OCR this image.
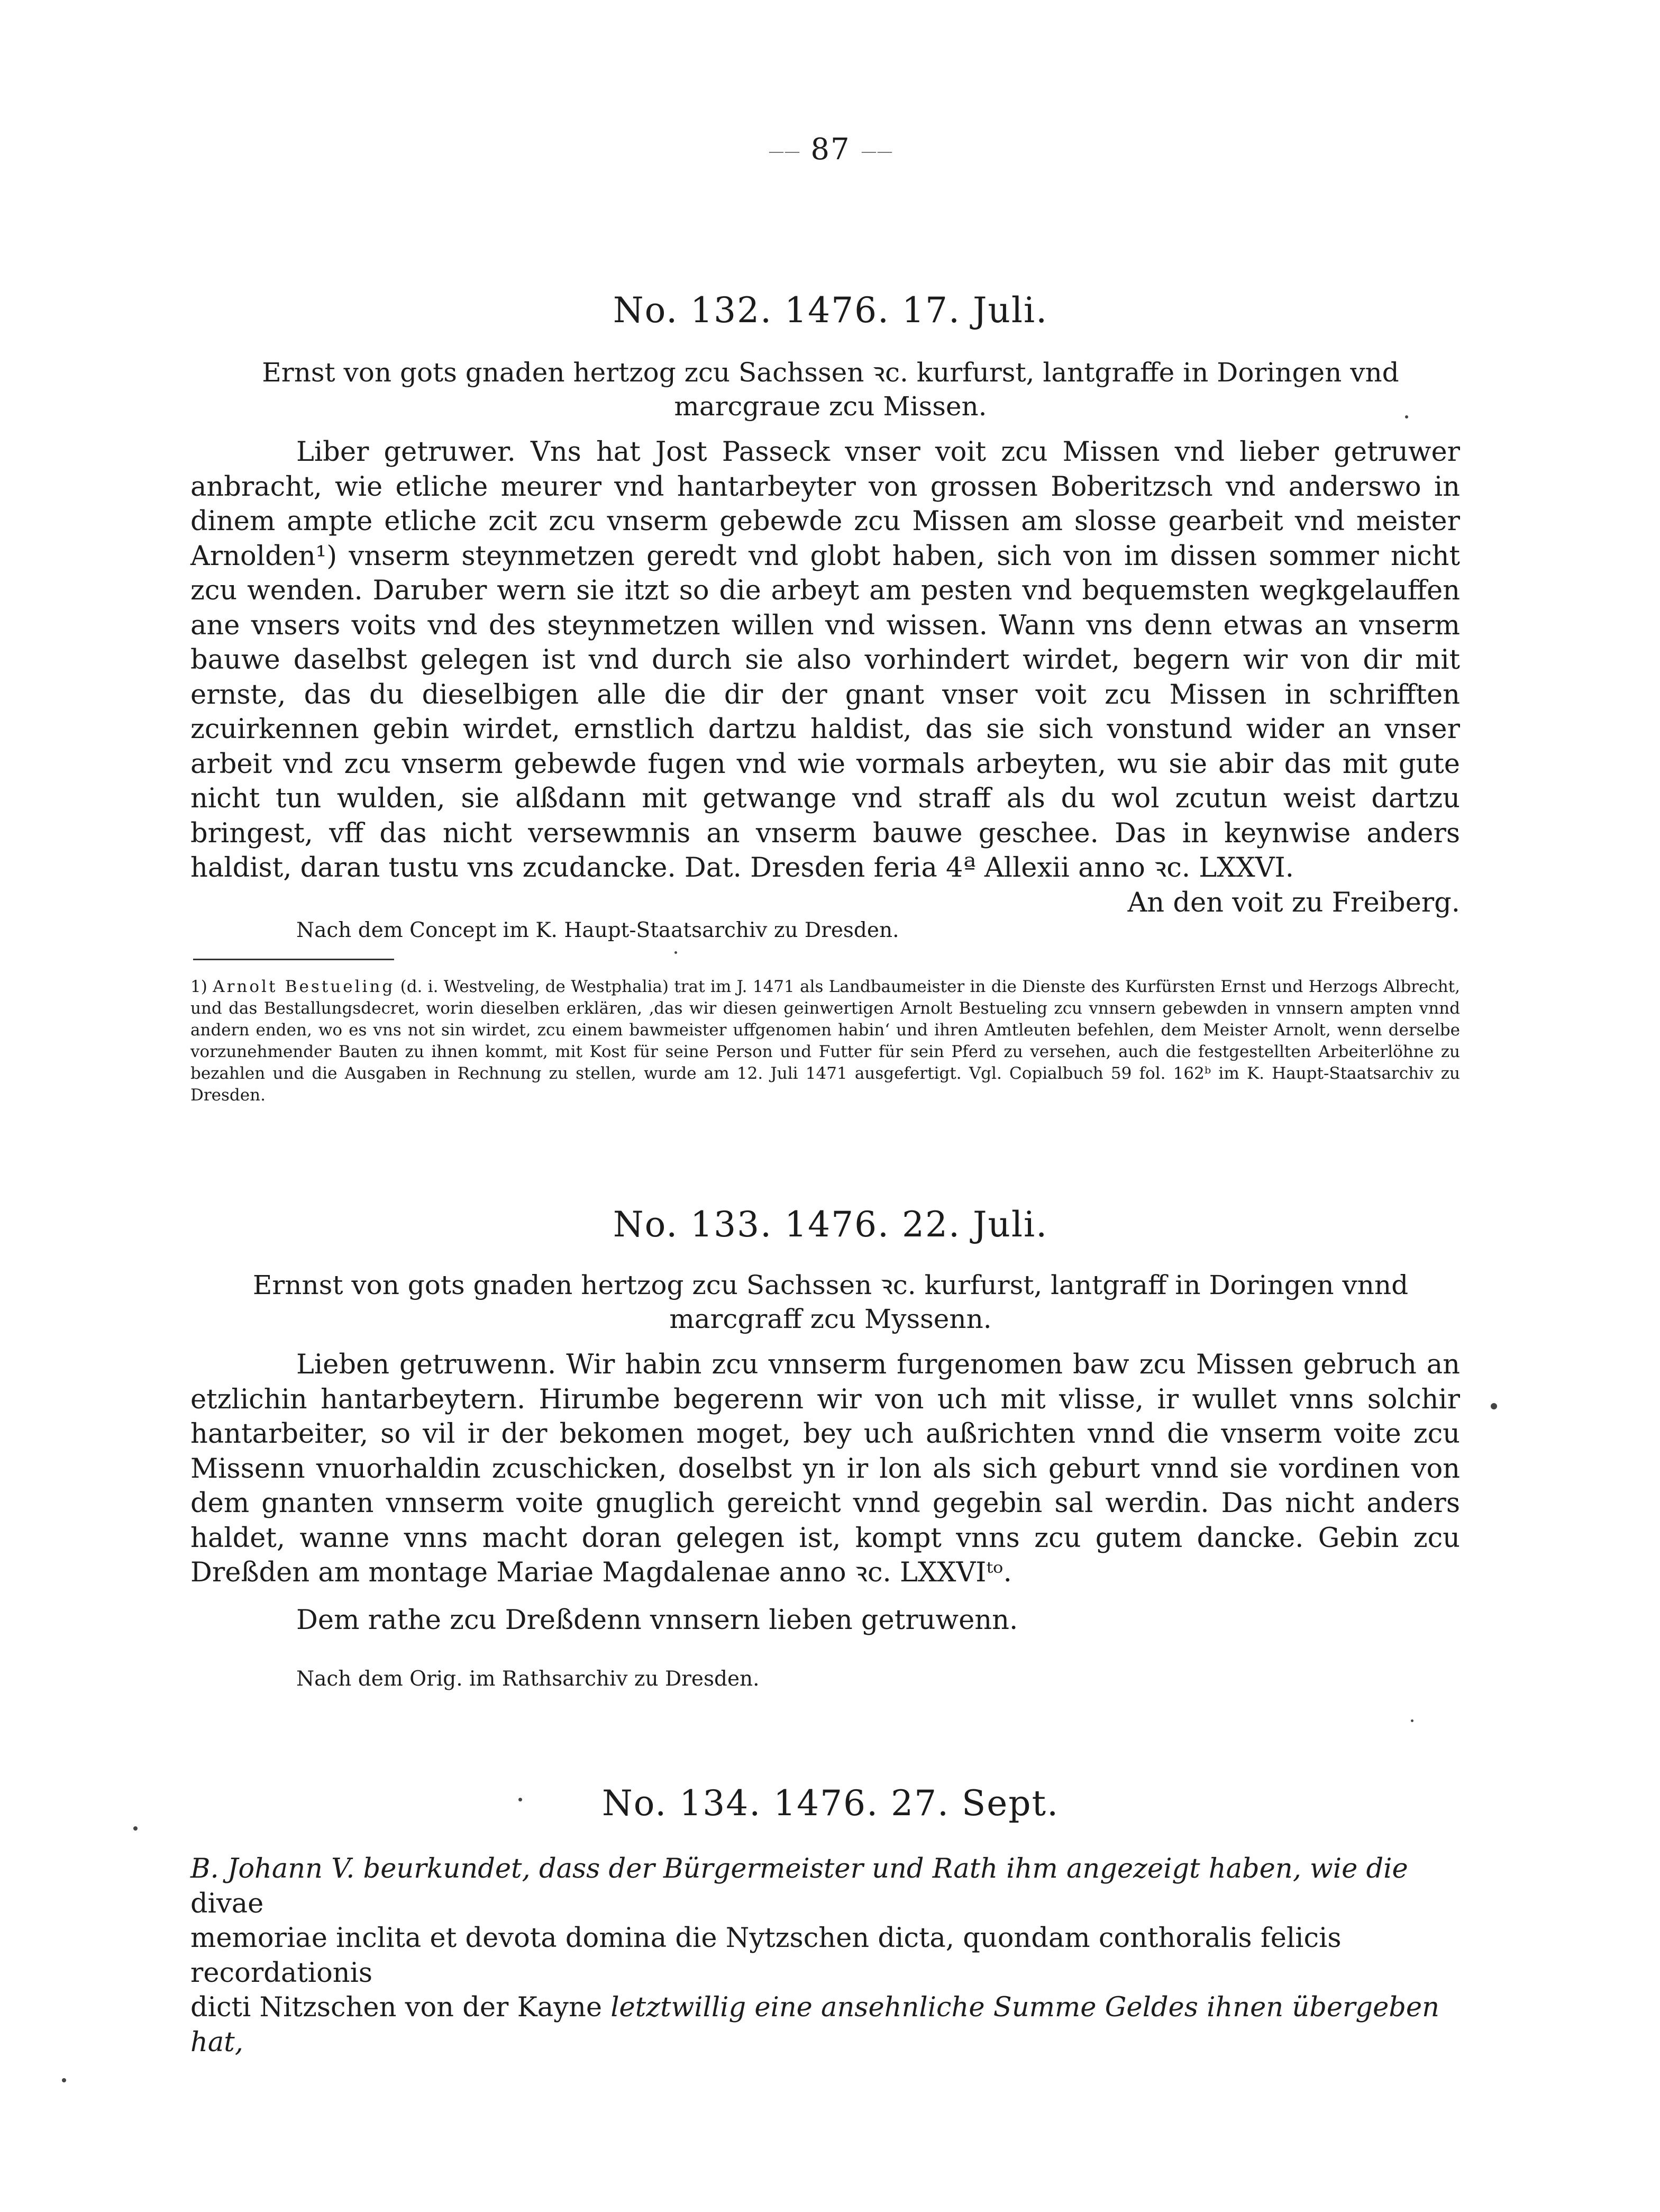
—— 87 ——
No. 132. 1476. 17. Juli.

Ernst von gots gnaden hertzog zcu Sachssen ꝛc. kurfurst, lantgraffe in Doringen vnd marcgraue zcu Missen.

Liber getruwer. Vns hat Jost Passeck vnser voit zcu Missen vnd lieber getruwer anbracht, wie etliche meurer vnd hantarbeyter von grossen Boberitzsch vnd anderswo in dinem ampte etliche zcit zcu vnserm gebewde zcu Missen am slosse gearbeit vnd meister Arnolden¹) vnserm steynmetzen geredt vnd globt haben, sich von im dissen sommer nicht zcu wenden. Daruber wern sie itzt so die arbeyt am pesten vnd bequemsten wegkgelauffen ane vnsers voits vnd des steynmetzen willen vnd wissen. Wann vns denn etwas an vnserm bauwe daselbst gelegen ist vnd durch sie also vorhindert wirdet, begern wir von dir mit ernste, das du dieselbigen alle die dir der gnant vnser voit zcu Missen in schrifften zcuirkennen gebin wirdet, ernstlich dartzu haldist, das sie sich vonstund wider an vnser arbeit vnd zcu vnserm gebewde fugen vnd wie vormals arbeyten, wu sie abir das mit gute nicht tun wulden, sie alßdann mit getwange vnd straff als du wol zcutun weist dartzu bringest, vff das nicht versewmnis an vnserm bauwe geschee. Das in keynwise anders haldist, daran tustu vns zcudancke. Dat. Dresden feria 4ª Allexii anno ꝛc. LXXVI.
An den voit zu Freiberg.

Nach dem Concept im K. Haupt-Staatsarchiv zu Dresden.

1) Arnolt Bestueling (d. i. Westveling, de Westphalia) trat im J. 1471 als Landbaumeister in die Dienste des Kurfürsten Ernst und Herzogs Albrecht, und das Bestallungsdecret, worin dieselben erklären, ‚das wir diesen geinwertigen Arnolt Bestueling zcu vnnsern gebewden in vnnsern ampten vnnd andern enden, wo es vns not sin wirdet, zcu einem bawmeister uffgenomen habin‘ und ihren Amtleuten befehlen, dem Meister Arnolt, wenn derselbe vorzunehmender Bauten zu ihnen kommt, mit Kost für seine Person und Futter für sein Pferd zu versehen, auch die festgestellten Arbeiterlöhne zu bezahlen und die Ausgaben in Rechnung zu stellen, wurde am 12. Juli 1471 ausgefertigt. Vgl. Copialbuch 59 fol. 162ᵇ im K. Haupt-Staatsarchiv zu Dresden.

No. 133. 1476. 22. Juli.

Ernnst von gots gnaden hertzog zcu Sachssen ꝛc. kurfurst, lantgraff in Doringen vnnd marcgraff zcu Myssenn.

Lieben getruwenn. Wir habin zcu vnnserm furgenomen baw zcu Missen gebruch an etzlichin hantarbeytern. Hirumbe begerenn wir von uch mit vlisse, ir wullet vnns solchir hantarbeiter, so vil ir der bekomen moget, bey uch außrichten vnnd die vnserm voite zcu Missenn vnuorhaldin zcuschicken, doselbst yn ir lon als sich geburt vnnd sie vordinen von dem gnanten vnnserm voite gnuglich gereicht vnnd gegebin sal werdin. Das nicht anders haldet, wanne vnns macht doran gelegen ist, kompt vnns zcu gutem dancke. Gebin zcu Dreßden am montage Mariae Magdalenae anno ꝛc. LXXVIᵗᵒ.
Dem rathe zcu Dreßdenn vnnsern lieben getruwenn.

Nach dem Orig. im Rathsarchiv zu Dresden.

No. 134. 1476. 27. Sept.
B. Johann V. beurkundet, dass der Bürgermeister und Rath ihm angezeigt haben, wie die divae
memoriae inclita et devota domina die Nytzschen dicta, quondam conthoralis felicis recordationis
dicti Nitzschen von der Kayne letztwillig eine ansehnliche Summe Geldes ihnen übergeben hat,
